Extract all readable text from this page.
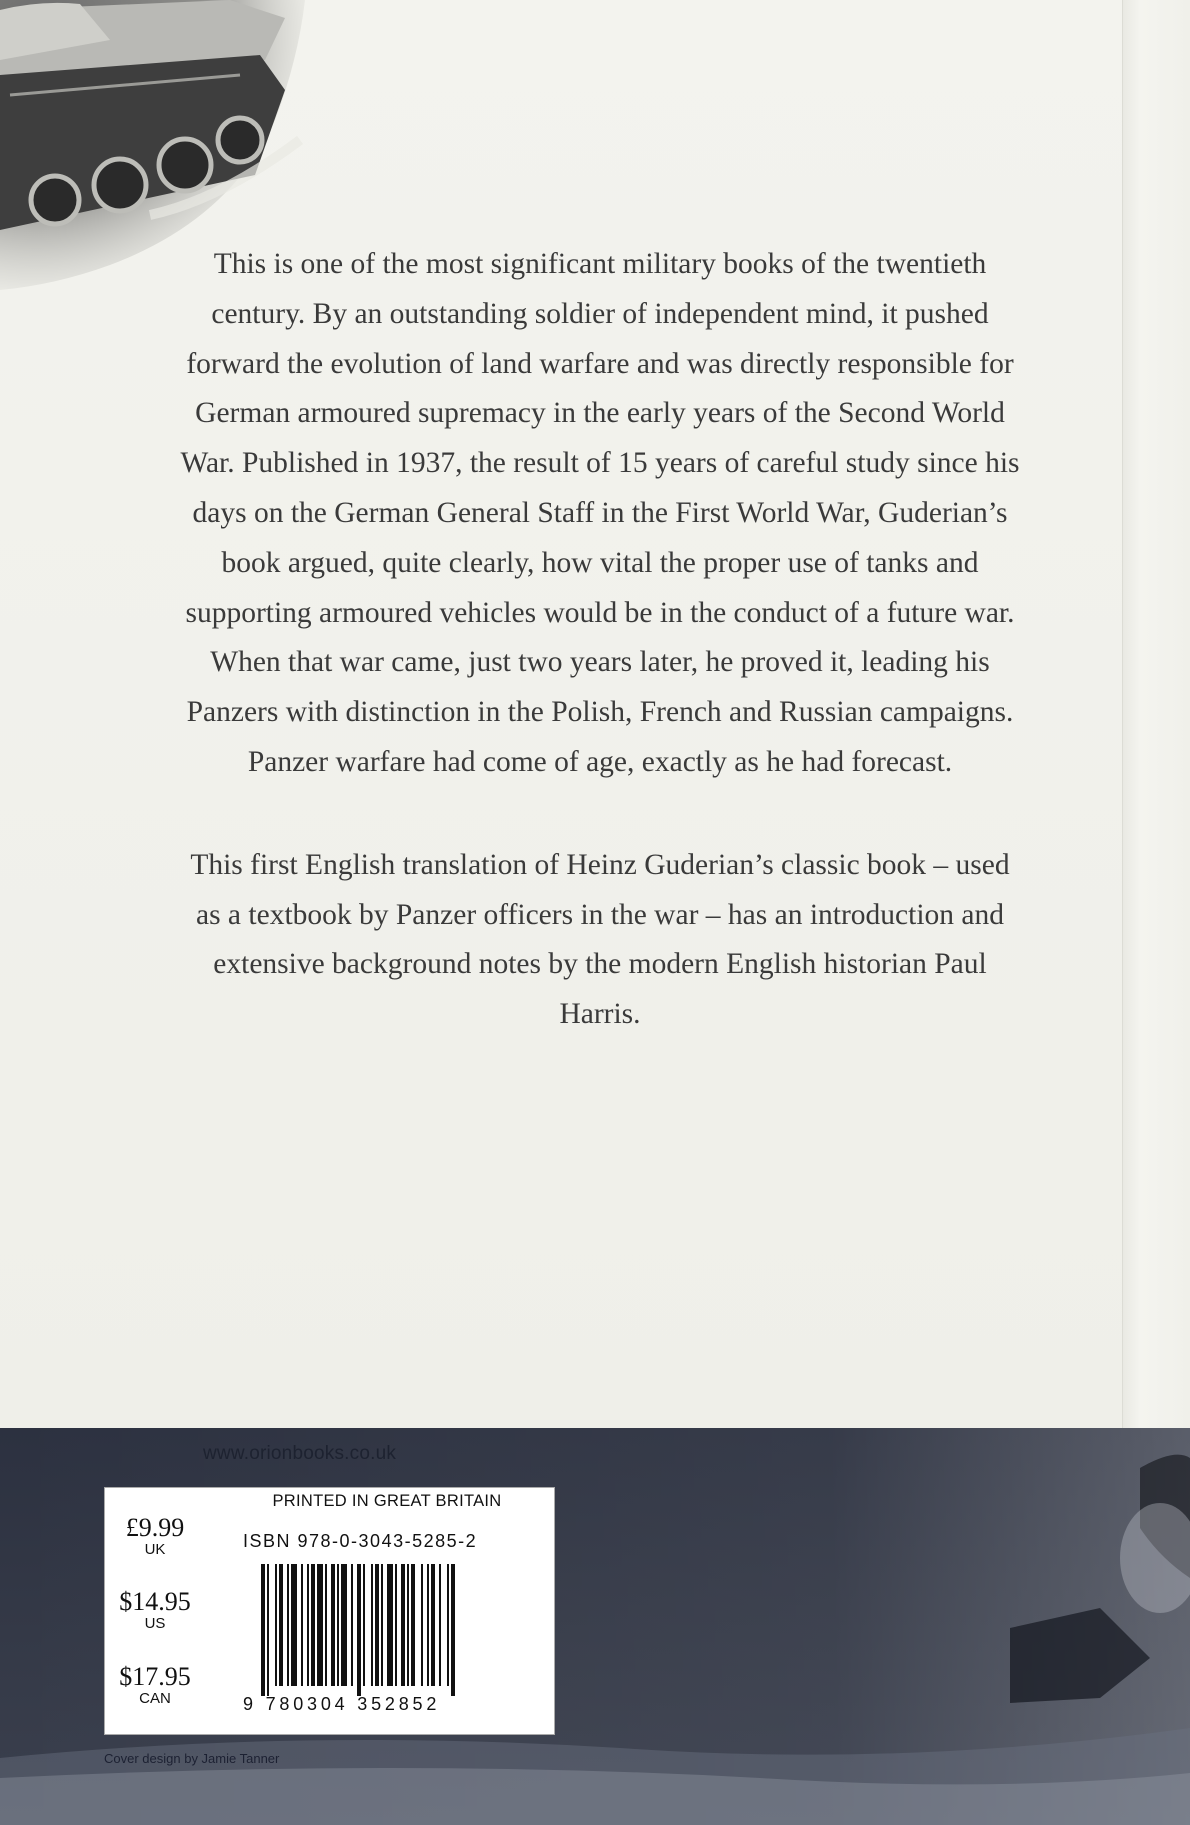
This is one of the most significant military books of the twentieth century. By an outstanding soldier of independent mind, it pushed forward the evolution of land warfare and was directly responsible for German armoured supremacy in the early years of the Second World War. Published in 1937, the result of 15 years of careful study since his days on the German General Staff in the First World War, Guderian’s book argued, quite clearly, how vital the proper use of tanks and supporting armoured vehicles would be in the conduct of a future war. When that war came, just two years later, he proved it, leading his Panzers with distinction in the Polish, French and Russian campaigns. Panzer warfare had come of age, exactly as he had forecast.

This first English translation of Heinz Guderian’s classic book – used as a textbook by Panzer officers in the war – has an introduction and extensive background notes by the modern English historian Paul Harris.

www.orionbooks.co.uk
£9.99
UK
$14.95
US
$17.95
CAN
PRINTED IN GREAT BRITAIN
ISBN 978-0-3043-5285-2
9 780304 352852
Cover design by Jamie Tanner
